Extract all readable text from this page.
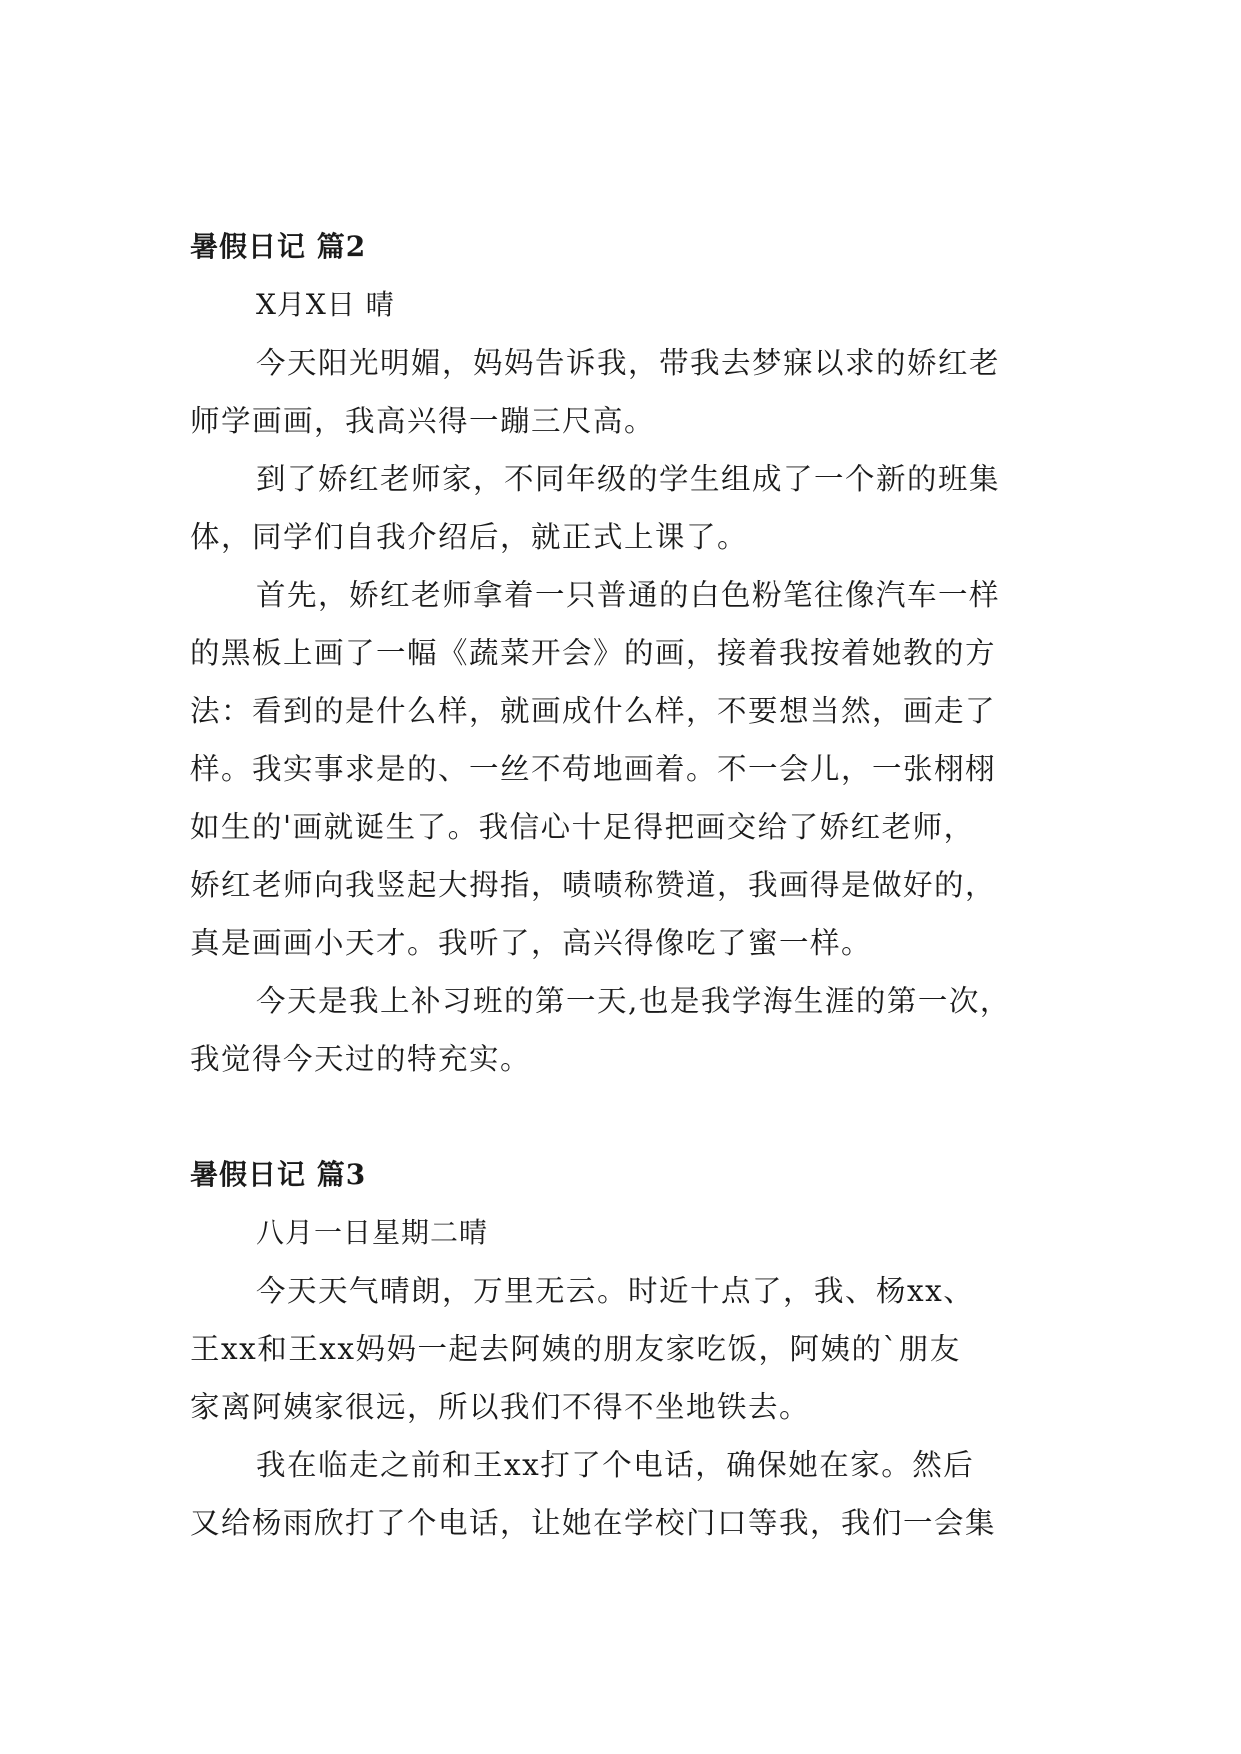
暑假日记 篇2
X月X日 晴

今天阳光明媚，妈妈告诉我，带我去梦寐以求的娇红老
师学画画，我高兴得一蹦三尺高。

到了娇红老师家，不同年级的学生组成了一个新的班集
体，同学们自我介绍后，就正式上课了。

首先，娇红老师拿着一只普通的白色粉笔往像汽车一样
的黑板上画了一幅《蔬菜开会》的画，接着我按着她教的方
法：看到的是什么样，就画成什么样，不要想当然，画走了
样。我实事求是的、一丝不苟地画着。不一会儿，一张栩栩
如生的'画就诞生了。我信心十足得把画交给了娇红老师，
娇红老师向我竖起大拇指，啧啧称赞道，我画得是做好的，
真是画画小天才。我听了，高兴得像吃了蜜一样。

今天是我上补习班的第一天,也是我学海生涯的第一次，
我觉得今天过的特充实。

暑假日记 篇3
八月一日星期二晴

今天天气晴朗，万里无云。时近十点了，我、杨xx、
王xx和王xx妈妈一起去阿姨的朋友家吃饭，阿姨的`朋友
家离阿姨家很远，所以我们不得不坐地铁去。

我在临走之前和王xx打了个电话，确保她在家。然后
又给杨雨欣打了个电话，让她在学校门口等我，我们一会集
